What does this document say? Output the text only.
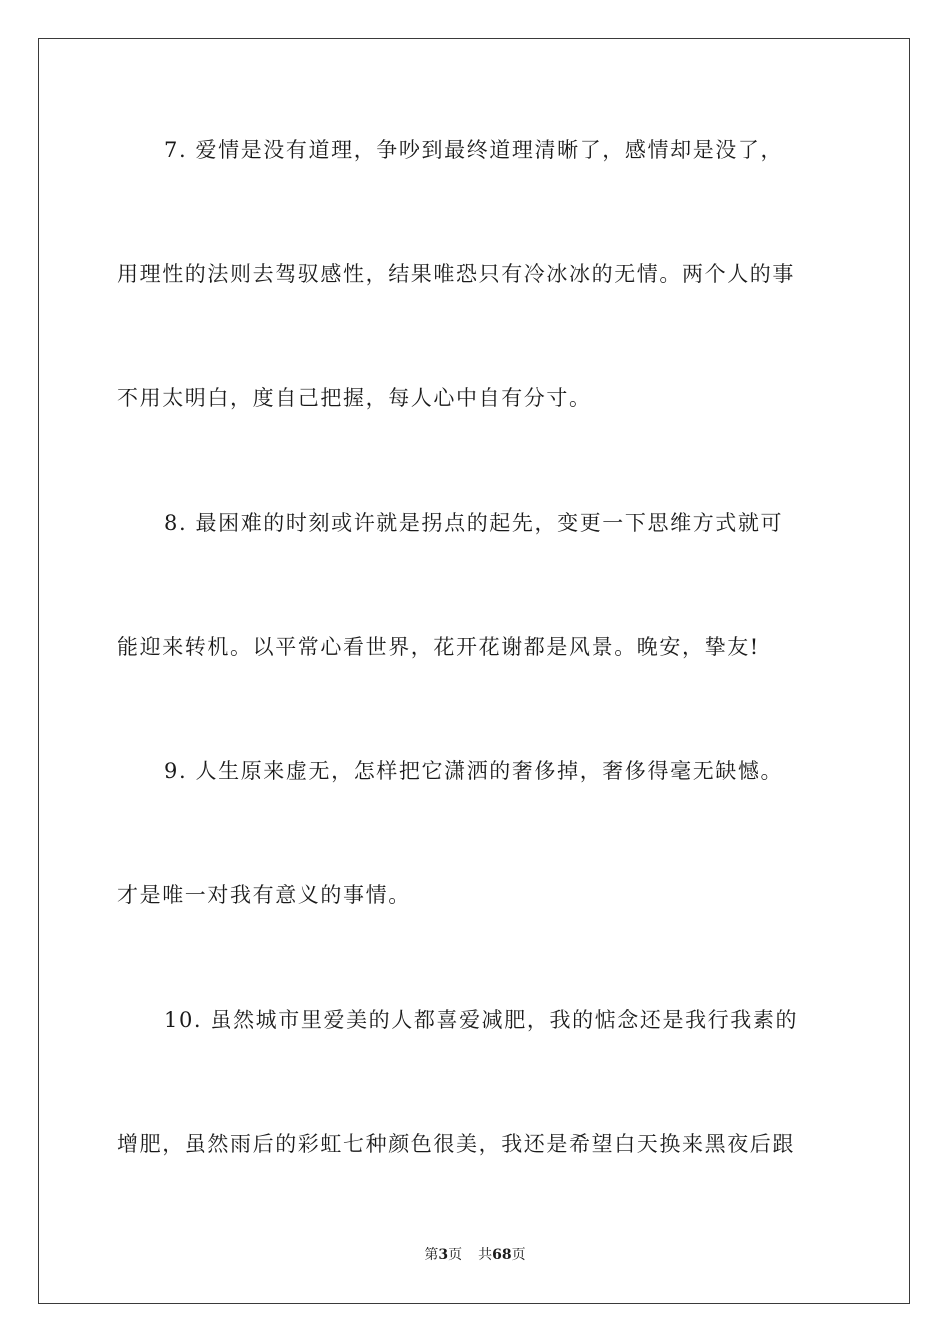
7. 爱情是没有道理，争吵到最终道理清晰了，感情却是没了，
用理性的法则去驾驭感性，结果唯恐只有冷冰冰的无情。两个人的事
不用太明白，度自己把握，每人心中自有分寸。
8. 最困难的时刻或许就是拐点的起先，变更一下思维方式就可
能迎来转机。以平常心看世界，花开花谢都是风景。晚安，挚友!
9. 人生原来虚无，怎样把它潇洒的奢侈掉，奢侈得毫无缺憾。
才是唯一对我有意义的事情。
10. 虽然城市里爱美的人都喜爱减肥，我的惦念还是我行我素的
增肥，虽然雨后的彩虹七种颜色很美，我还是希望白天换来黑夜后跟
第3页 共68页
